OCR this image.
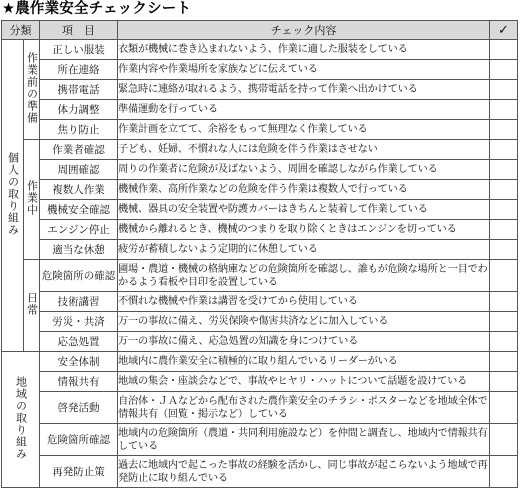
★農作業安全チェックシート
分類		項　目	チェック内容	✓
個人の取り組み	作業前の準備	正しい服装	衣類が機械に巻き込まれないよう、作業に適した服装をしている	
		所在連絡	作業内容や作業場所を家族などに伝えている	
		携帯電話	緊急時に連絡が取れるよう、携帯電話を持って作業へ出かけている	
		体力調整	準備運動を行っている	
		焦り防止	作業計画を立てて、余裕をもって無理なく作業している	
	作業中	作業者確認	子ども、妊婦、不慣れな人には危険を伴う作業はさせない	
		周囲確認	周りの作業者に危険が及ばないよう、周囲を確認しながら作業している	
		複数人作業	機械作業、高所作業などの危険を伴う作業は複数人で行っている	
		機械安全確認	機械、器具の安全装置や防護カバーはきちんと装着して作業している	
		エンジン停止	機械から離れるとき、機械のつまりを取り除くときはエンジンを切っている	
		適当な休憩	疲労が蓄積しないよう定期的に休憩している	
	日常	危険箇所の確認	圃場・農道・機械の格納庫などの危険箇所を確認し、誰もが危険な場所と一目でわかるよう看板や目印を設置している	
		技術講習	不慣れな機械や作業は講習を受けてから使用している	
		労災・共済	万一の事故に備え、労災保険や傷害共済などに加入している	
		応急処置	万一の事故に備え、応急処置の知識を身につけている	
地域の取り組み		安全体制	地域内に農作業安全に積極的に取り組んでいるリーダーがいる	
		情報共有	地域の集会・座談会などで、事故やヒヤリ・ハットについて話題を設けている	
		啓発活動	自治体・ＪＡなどから配布された農作業安全のチラシ・ポスターなどを地域全体で情報共有（回覧・掲示など）している	
		危険箇所確認	地域内の危険箇所（農道・共同利用施設など）を仲間と調査し、地域内で情報共有している	
		再発防止策	過去に地域内で起こった事故の経験を活かし、同じ事故が起こらないよう地域で再発防止に取り組んでいる	
